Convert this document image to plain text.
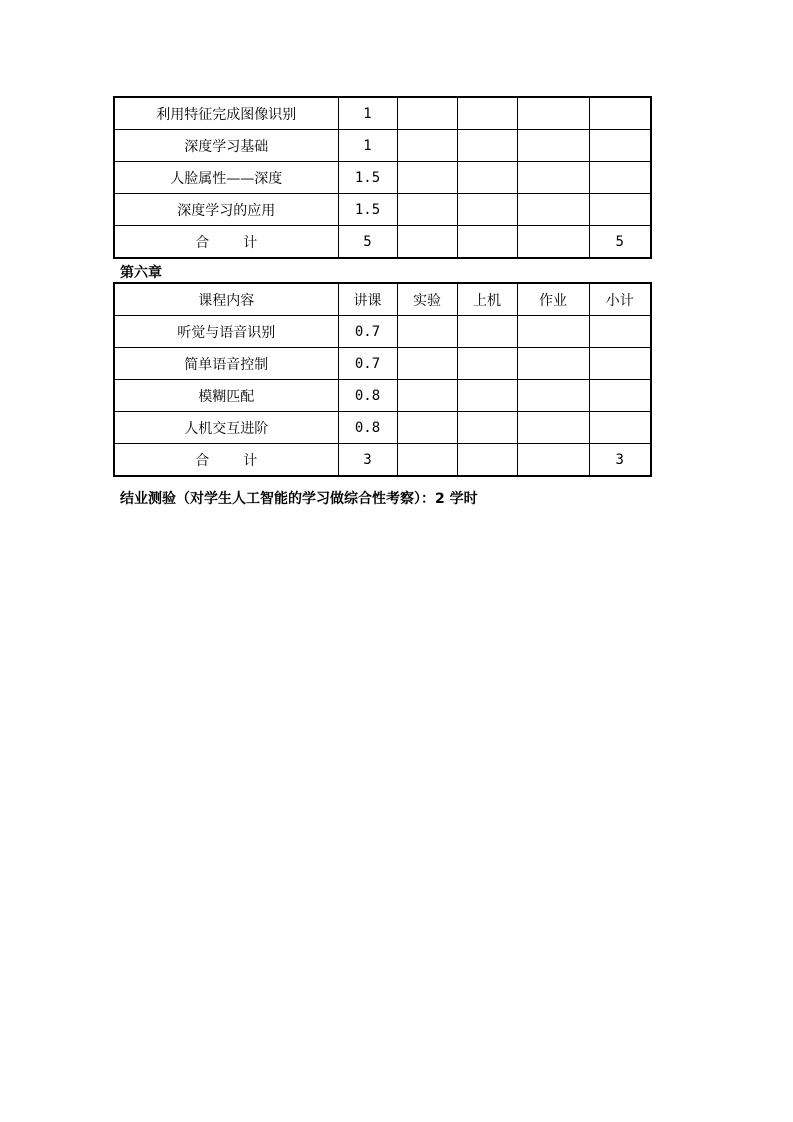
利用特征完成图像识别	1				
深度学习基础	1				
人脸属性——深度	1.5				
深度学习的应用	1.5				
合 计	5				5
第六章
课程内容	讲课	实验	上机	作业	小计
听觉与语音识别	0.7				
简单语音控制	0.7				
模糊匹配	0.8				
人机交互进阶	0.8				
合 计	3				3
结业测验（对学生人工智能的学习做综合性考察）：2 学时
